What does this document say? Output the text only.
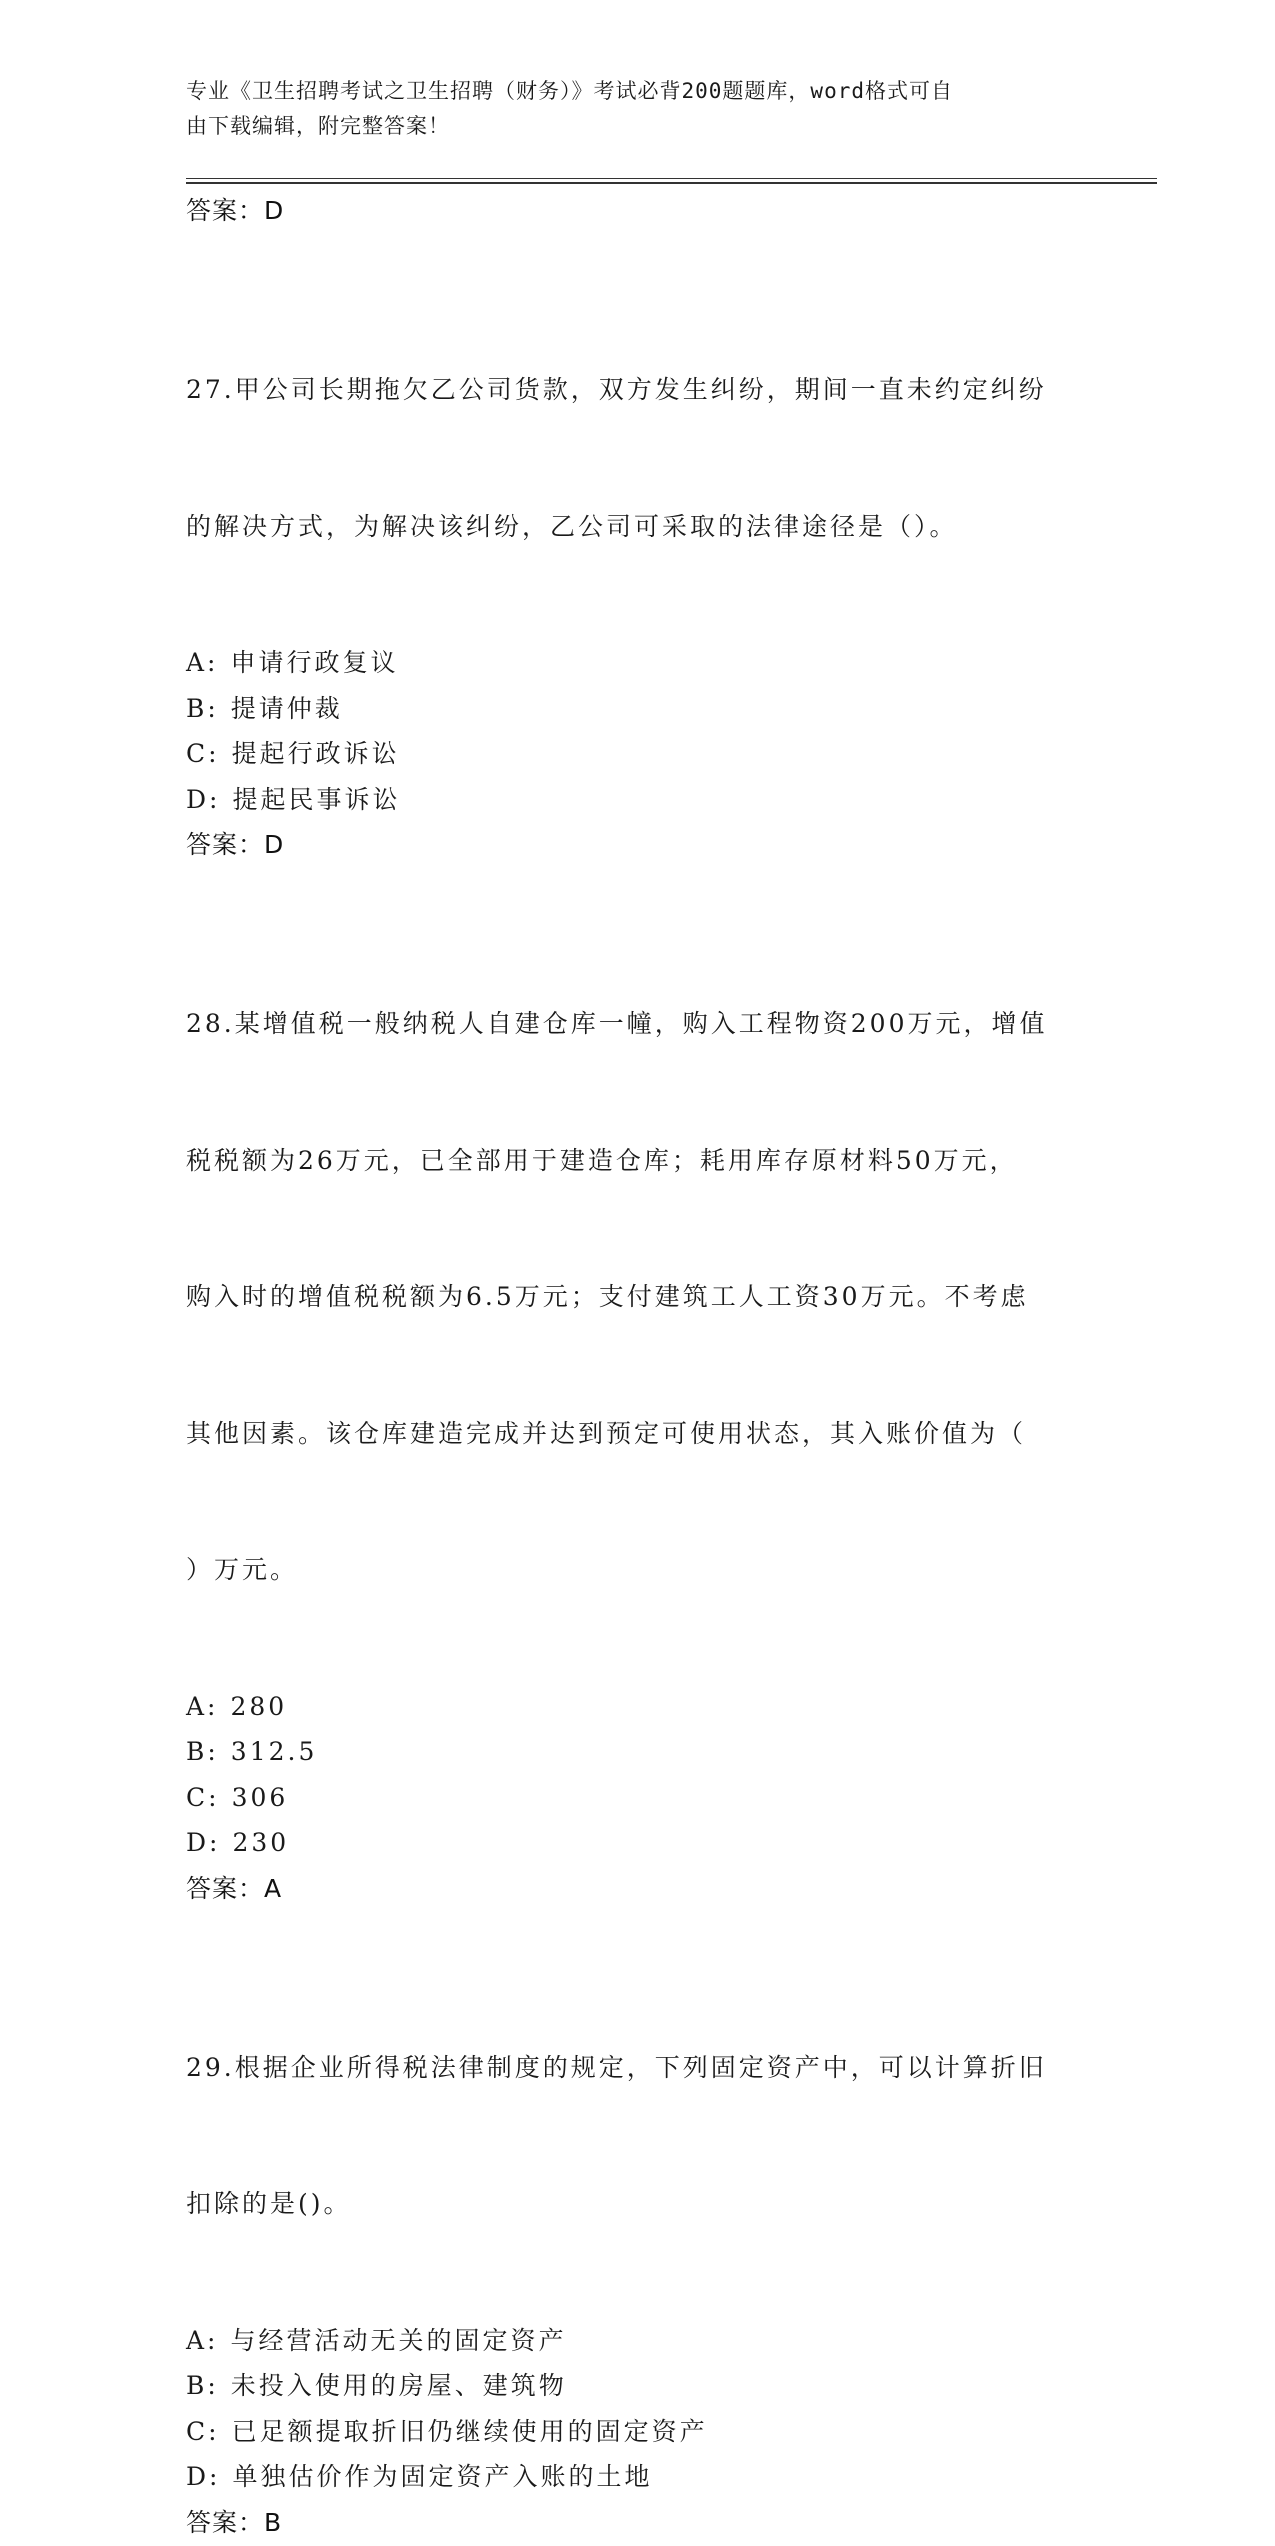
专业《卫生招聘考试之卫生招聘（财务）》考试必背200题题库，word格式可自
由下载编辑，附完整答案！
答案：D

27.甲公司长期拖欠乙公司货款，双方发生纠纷，期间一直未约定纠纷

的解决方式，为解决该纠纷，乙公司可采取的法律途径是（）。

A: 申请行政复议
B: 提请仲裁
C: 提起行政诉讼
D: 提起民事诉讼
答案：D

28.某增值税一般纳税人自建仓库一幢，购入工程物资200万元，增值

税税额为26万元，已全部用于建造仓库；耗用库存原材料50万元，

购入时的增值税税额为6.5万元；支付建筑工人工资30万元。不考虑

其他因素。该仓库建造完成并达到预定可使用状态，其入账价值为（

）万元。

A: 280
B: 312.5
C: 306
D: 230
答案：A

29.根据企业所得税法律制度的规定，下列固定资产中，可以计算折旧

扣除的是()。

A: 与经营活动无关的固定资产
B: 未投入使用的房屋、建筑物
C: 已足额提取折旧仍继续使用的固定资产
D: 单独估价作为固定资产入账的土地
答案：B
